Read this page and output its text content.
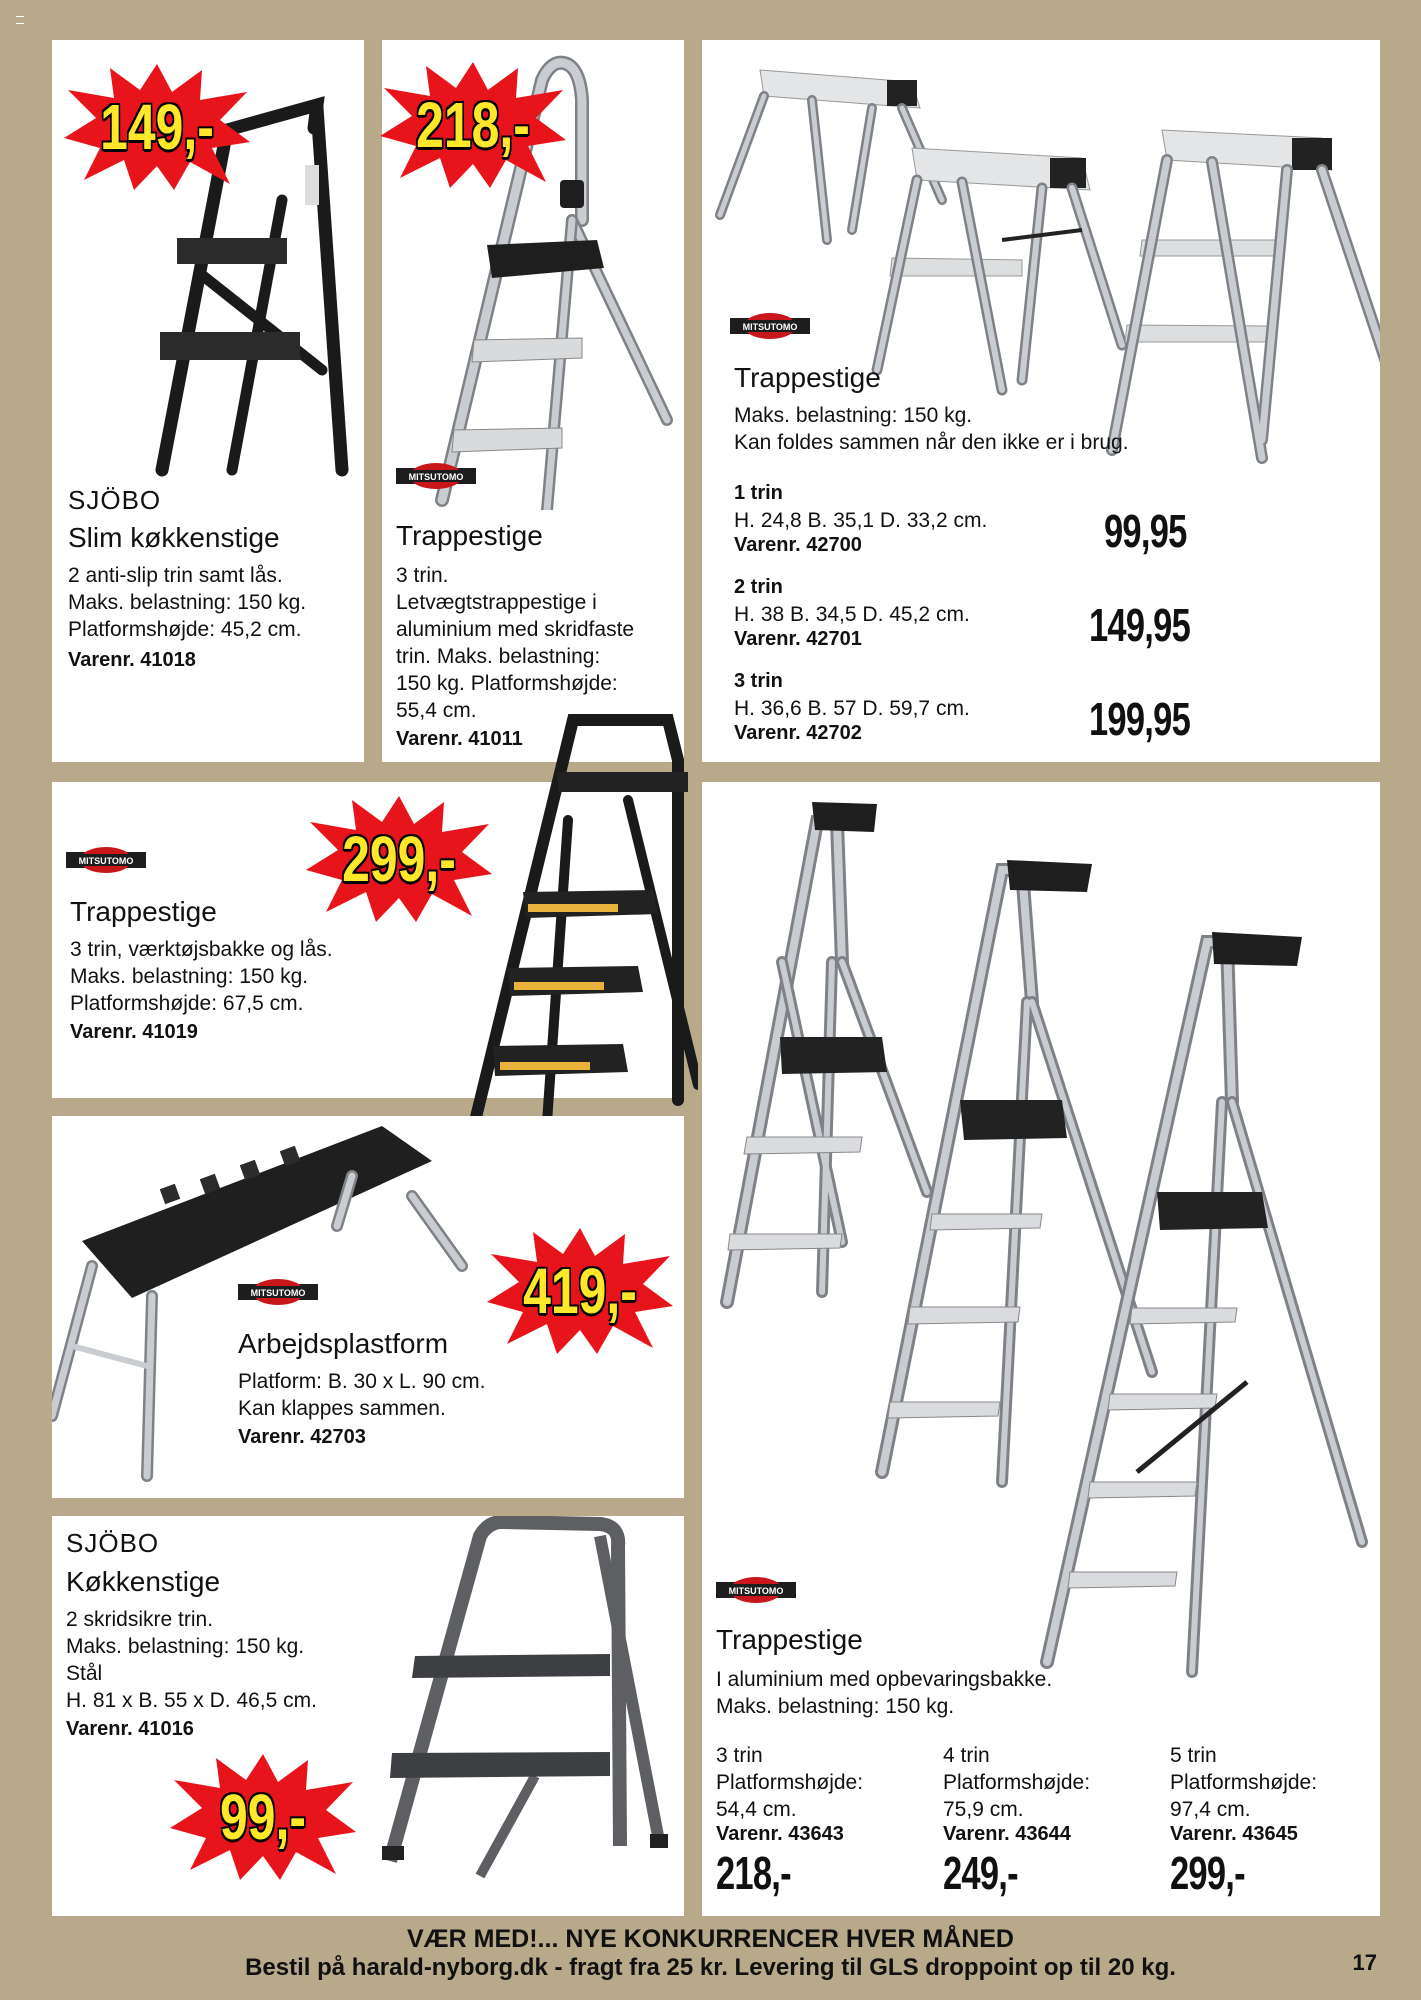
SJÖBO
Slim køkkenstige
2 anti-slip trin samt lås.
Maks. belastning: 150 kg.
Platformshøjde: 45,2 cm.
Varenr. 41018
149,-
MITSUTOMO
Trappestige
3 trin.
Letvægtstrappestige i
aluminium med skridfaste
trin. Maks. belastning:
150 kg. Platformshøjde:
55,4 cm.
Varenr. 41011
218,-
MITSUTOMO
Trappestige
Maks. belastning: 150 kg.
Kan foldes sammen når den ikke er i brug.
1 trin
H. 24,8 B. 35,1 D. 33,2 cm.
Varenr. 42700	99,95
2 trin
H. 38 B. 34,5 D. 45,2 cm.
Varenr. 42701	149,95
3 trin
H. 36,6 B. 57 D. 59,7 cm.
Varenr. 42702	199,95
MITSUTOMO
Trappestige
3 trin, værktøjsbakke og lås.
Maks. belastning: 150 kg.
Platformshøjde: 67,5 cm.
Varenr. 41019
299,-
MITSUTOMO
Arbejdsplastform
Platform: B. 30 x L. 90 cm.
Kan klappes sammen.
Varenr. 42703
419,-
SJÖBO
Køkkenstige
2 skridsikre trin.
Maks. belastning: 150 kg.
Stål
H. 81 x B. 55 x D. 46,5 cm.
Varenr. 41016
99,-
MITSUTOMO
Trappestige
I aluminium med opbevaringsbakke.
Maks. belastning: 150 kg.
3 trin
Platformshøjde:
54,4 cm.
Varenr. 43643
218,-
4 trin
Platformshøjde:
75,9 cm.
Varenr. 43644
249,-
5 trin
Platformshøjde:
97,4 cm.
Varenr. 43645
299,-
VÆR MED!... NYE KONKURRENCER HVER MÅNED
Bestil på harald-nyborg.dk - fragt fra 25 kr. Levering til GLS droppoint op til 20 kg.	17
